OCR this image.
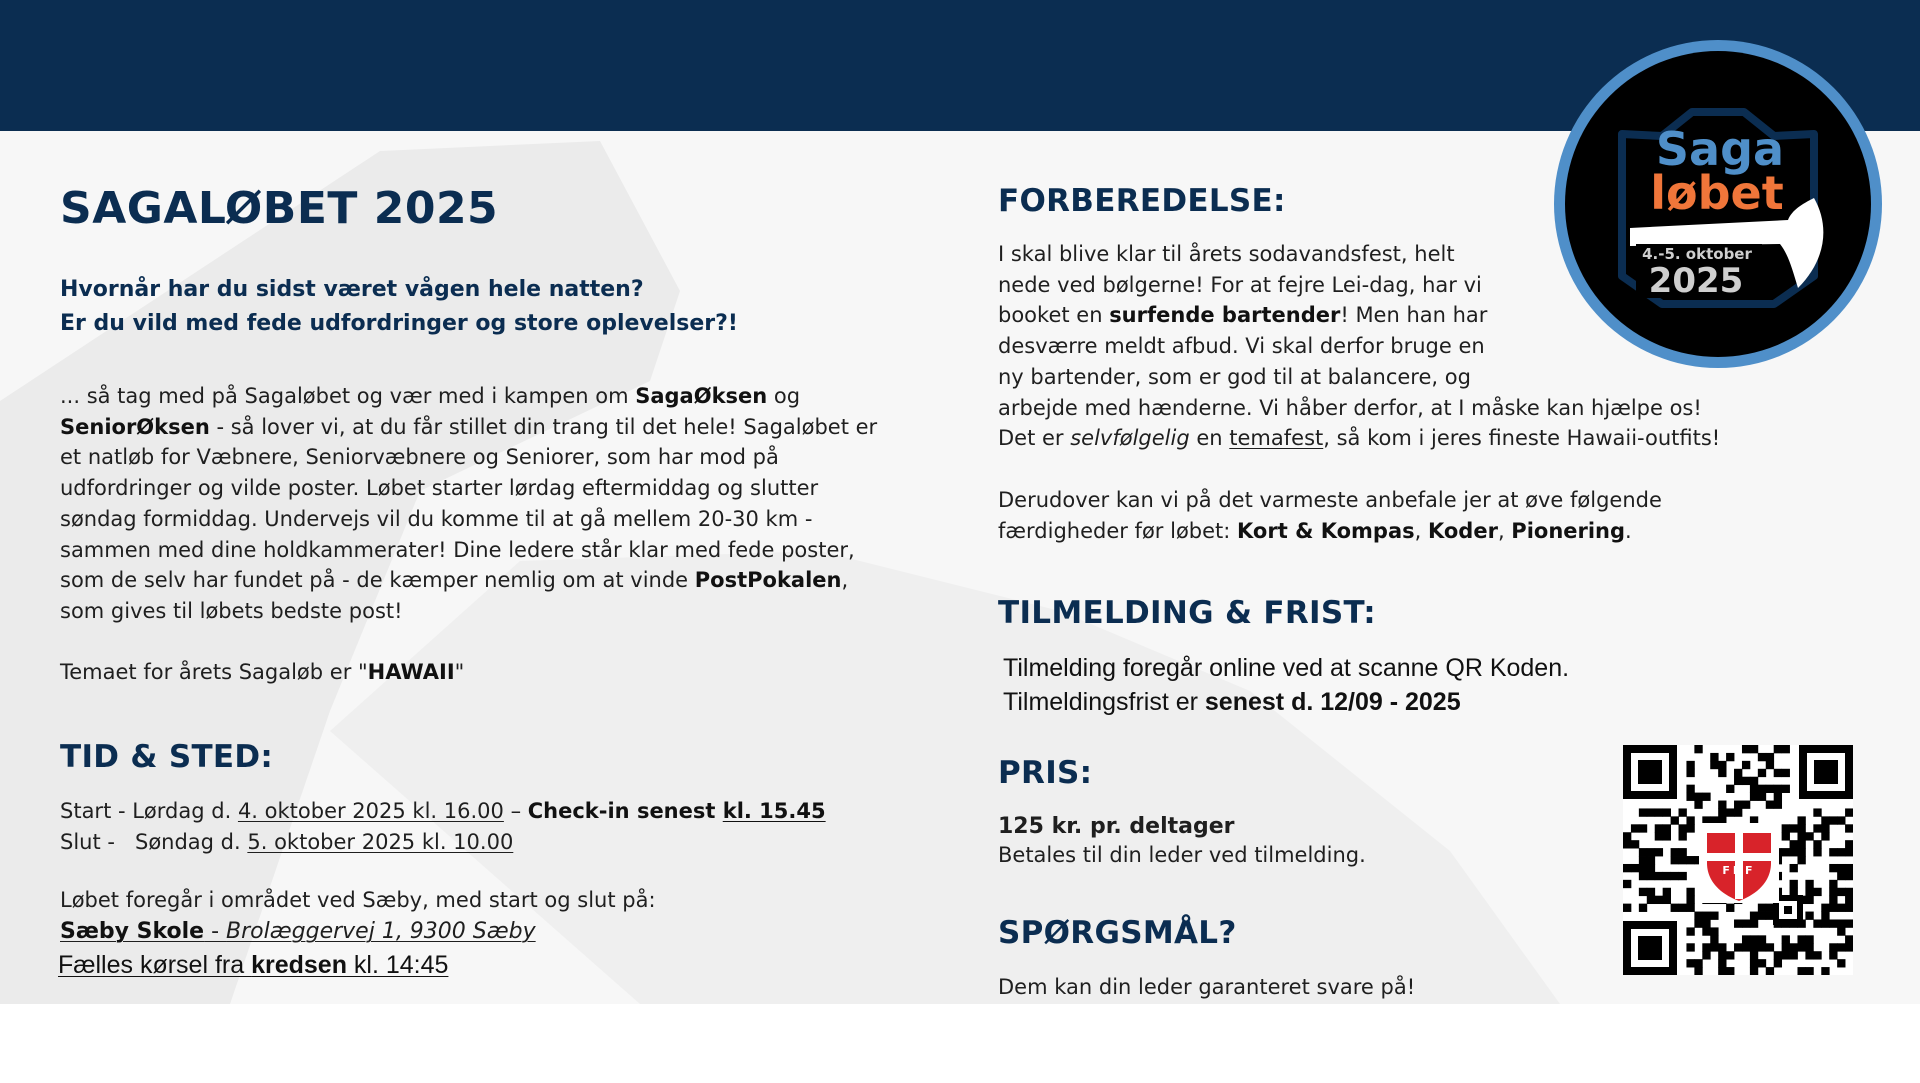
SAGALØBET 2025

Hvornår har du sidst været vågen hele natten?

Er du vild med fede udfordringer og store oplevelser?!

... så tag med på Sagaløbet og vær med i kampen om SagaØksen og SeniorØksen - så lover vi, at du får stillet din trang til det hele! Sagaløbet er et natløb for Væbnere, Seniorvæbnere og Seniorer, som har mod på udfordringer og vilde poster. Løbet starter lørdag eftermiddag og slutter søndag formiddag. Undervejs vil du komme til at gå mellem 20-30 km - sammen med dine holdkammerater! Dine ledere står klar med fede poster, som de selv har fundet på - de kæmper nemlig om at vinde PostPokalen, som gives til løbets bedste post!

Temaet for årets Sagaløb er "HAWAII"

TID & STED:

Start - Lørdag d. 4. oktober 2025 kl. 16.00 – Check-in senest kl. 15.45

Slut -   Søndag d. 5. oktober 2025 kl. 10.00

Løbet foregår i området ved Sæby, med start og slut på:

Sæby Skole - Brolæggervej 1, 9300 Sæby

Fælles kørsel fra kredsen kl. 14:45

FORBEREDELSE:
I skal blive klar til årets sodavandsfest, helt
nede ved bølgerne! For at fejre Lei-dag, har vi
booket en surfende bartender! Men han har
desværre meldt afbud. Vi skal derfor bruge en
ny bartender, som er god til at balancere, og
arbejde med hænderne. Vi håber derfor, at I måske kan hjælpe os!
Det er selvfølgelig en temafest, så kom i jeres fineste Hawaii-outfits!
Derudover kan vi på det varmeste anbefale jer at øve følgende
færdigheder før løbet: Kort & Kompas, Koder, Pionering.
TILMELDING & FRIST:
Tilmelding foregår online ved at scanne QR Koden.
Tilmeldingsfrist er senest d. 12/09 - 2025
PRIS:

125 kr. pr. deltager

Betales til din leder ved tilmelding.

SPØRGSMÅL?

Dem kan din leder garanteret svare på!

Saga
løbet
4.-5. oktober
2025
FDF
